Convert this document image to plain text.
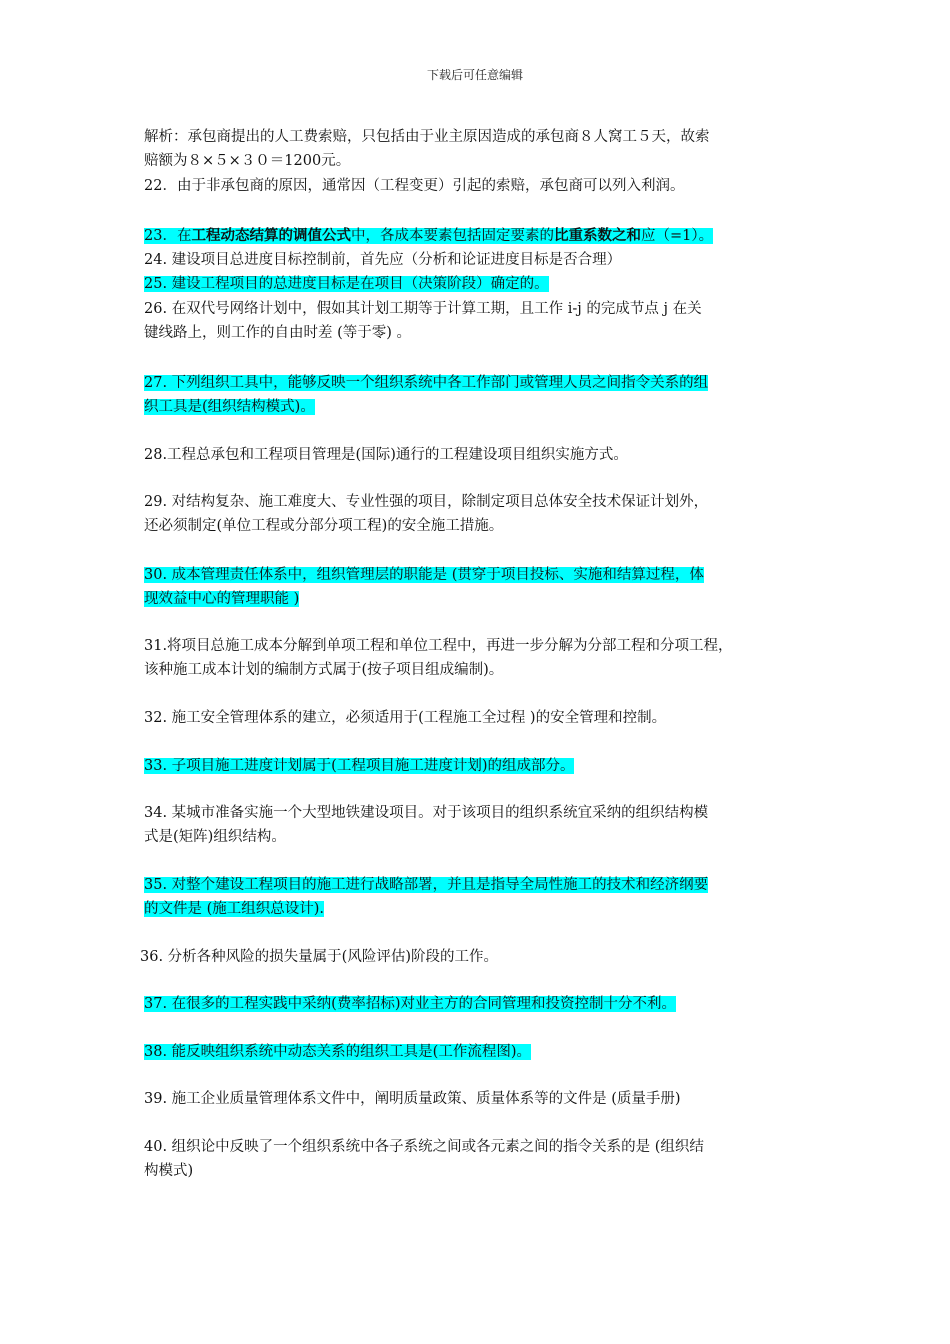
下载后可任意编辑
解析：承包商提出的人工费索赔，只包括由于业主原因造成的承包商８人窝工５天，故索
赔额为８×５×３０＝1200元。
22．由于非承包商的原因，通常因（工程变更）引起的索赔，承包商可以列入利润。
23．在工程动态结算的调值公式中，各成本要素包括固定要素的比重系数之和应（=1）。
24. 建设项目总进度目标控制前，首先应（分析和论证进度目标是否合理）
25. 建设工程项目的总进度目标是在项目（决策阶段）确定的。
26. 在双代号网络计划中，假如其计划工期等于计算工期，且工作 i-j 的完成节点 j 在关
键线路上，则工作的自由时差 (等于零) 。
27. 下列组织工具中，能够反映一个组织系统中各工作部门或管理人员之间指令关系的组
织工具是(组织结构模式)。
28.工程总承包和工程项目管理是(国际)通行的工程建设项目组织实施方式。
29. 对结构复杂、施工难度大、专业性强的项目，除制定项目总体安全技术保证计划外，
还必须制定(单位工程或分部分项工程)的安全施工措施。
30. 成本管理责任体系中，组织管理层的职能是 (贯穿于项目投标、实施和结算过程，体
现效益中心的管理职能 )
31.将项目总施工成本分解到单项工程和单位工程中，再进一步分解为分部工程和分项工程，
该种施工成本计划的编制方式属于(按子项目组成编制)。
32. 施工安全管理体系的建立，必须适用于(工程施工全过程 )的安全管理和控制。
33. 子项目施工进度计划属于(工程项目施工进度计划)的组成部分。
34. 某城市准备实施一个大型地铁建设项目。对于该项目的组织系统宜采纳的组织结构模
式是(矩阵)组织结构。
35. 对整个建设工程项目的施工进行战略部署，并且是指导全局性施工的技术和经济纲要
的文件是 (施工组织总设计).
36. 分析各种风险的损失量属于(风险评估)阶段的工作。
37. 在很多的工程实践中采纳(费率招标)对业主方的合同管理和投资控制十分不利。
38. 能反映组织系统中动态关系的组织工具是(工作流程图)。
39. 施工企业质量管理体系文件中，阐明质量政策、质量体系等的文件是 (质量手册)
40. 组织论中反映了一个组织系统中各子系统之间或各元素之间的指令关系的是 (组织结
构模式)
